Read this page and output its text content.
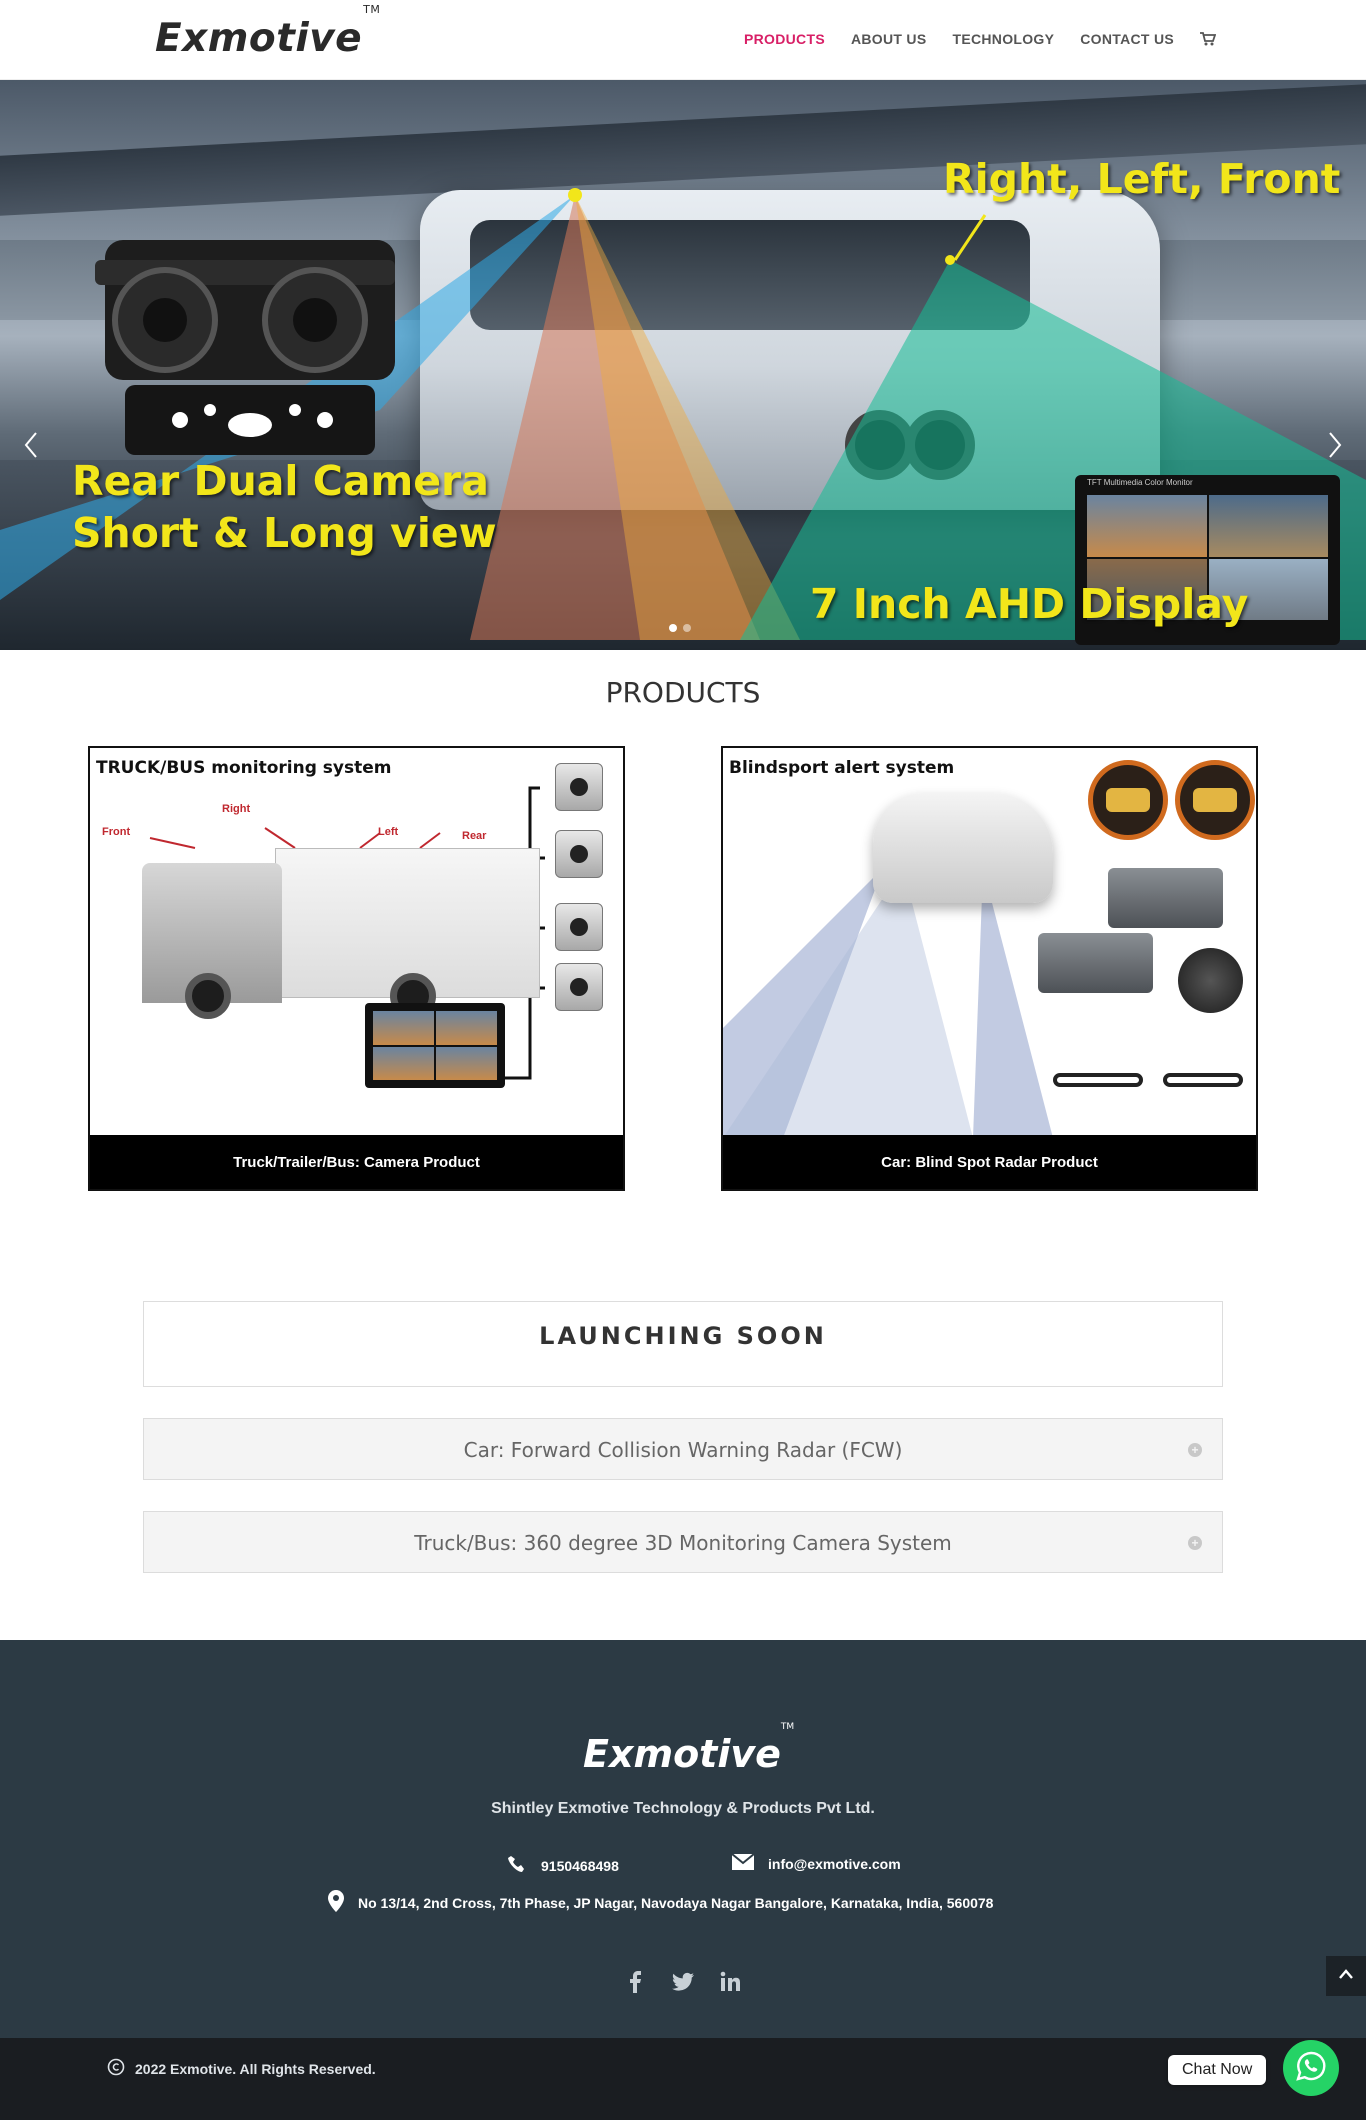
Exmotive™
PRODUCTS ABOUT US TECHNOLOGY CONTACT US
TFT Multimedia Color Monitor
Rear Dual Camera
Short & Long view
Right, Left, Front
7 Inch AHD Display
PRODUCTS
TRUCK/BUS monitoring system
Front
Right
Left	Rear
Truck/Trailer/Bus: Camera Product
Blindsport alert system
Car: Blind Spot Radar Product
LAUNCHING SOON
Car: Forward Collision Warning Radar (FCW)	+
Truck/Bus: 360 degree 3D Monitoring Camera System	+
Exmotive™
Shintley Exmotive Technology & Products Pvt Ltd.
9150468498	info@exmotive.com
No 13/14, 2nd Cross, 7th Phase, JP Nagar, Navodaya Nagar Bangalore, Karnataka, India, 560078
2022 Exmotive. All Rights Reserved.	Chat Now
